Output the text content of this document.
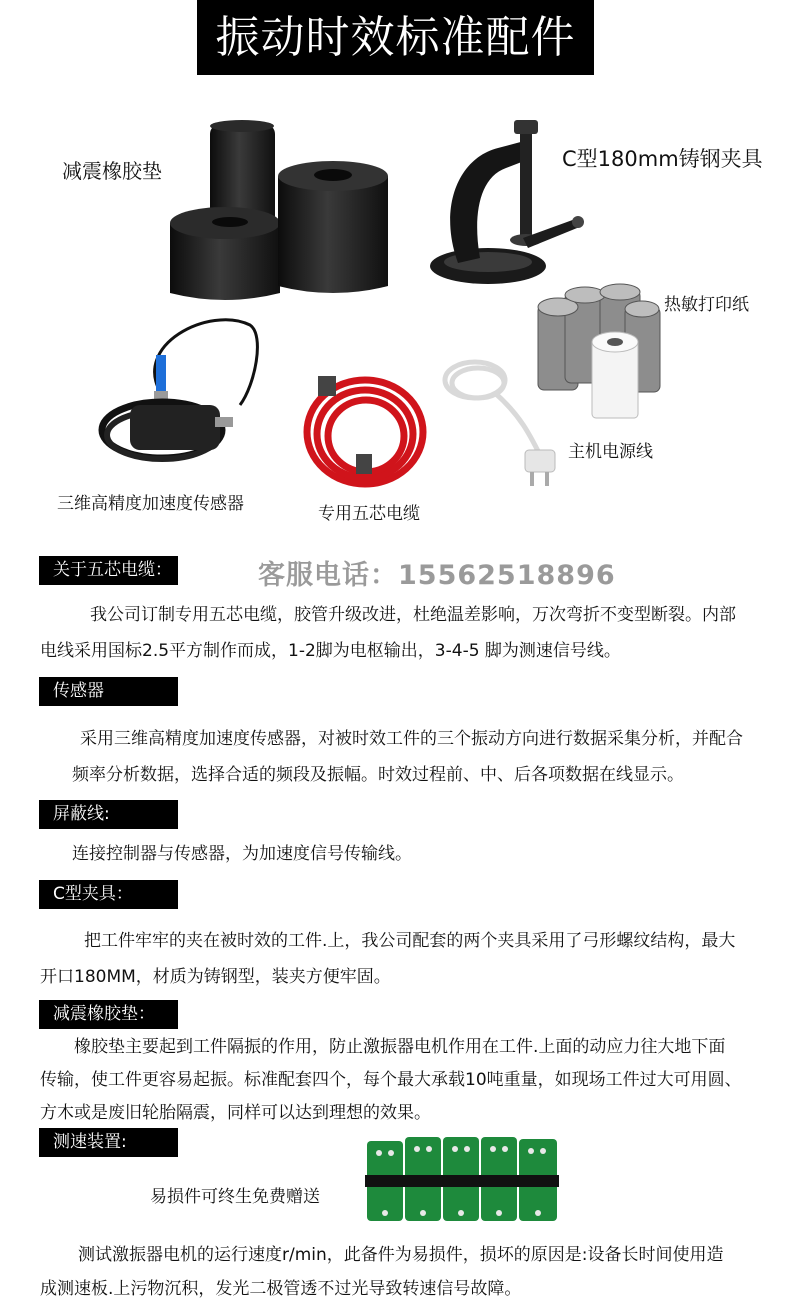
振动时效标准配件
减震橡胶垫	C型180mm铸钢夹具
热敏打印纸
主机电源线
三维高精度加速度传感器	专用五芯电缆
客服电话：15562518896
关于五芯电缆：
我公司订制专用五芯电缆，胶管升级改进，杜绝温差影响，万次弯折不变型断裂。内部
电线采用国标2.5平方制作而成，1-2脚为电枢输出，3-4-5 脚为测速信号线。
传感器
采用三维高精度加速度传感器，对被时效工件的三个振动方向进行数据采集分析，并配合
频率分析数据，选择合适的频段及振幅。时效过程前、中、后各项数据在线显示。
屏蔽线:
连接控制器与传感器，为加速度信号传输线。
C型夹具：
把工件牢牢的夹在被时效的工件.上，我公司配套的两个夹具采用了弓形螺纹结构，最大
开口180MM，材质为铸钢型，装夹方便牢固。
减震橡胶垫：
橡胶垫主要起到工件隔振的作用，防止激振器电机作用在工件.上面的动应力往大地下面
传输，使工件更容易起振。标准配套四个，每个最大承载10吨重量，如现场工件过大可用圆、
方木或是废旧轮胎隔震，同样可以达到理想的效果。
测速装置:
易损件可终生免费赠送
测试激振器电机的运行速度r/min，此备件为易损件，损坏的原因是:设备长时间使用造
成测速板.上污物沉积，发光二极管透不过光导致转速信号故障。
